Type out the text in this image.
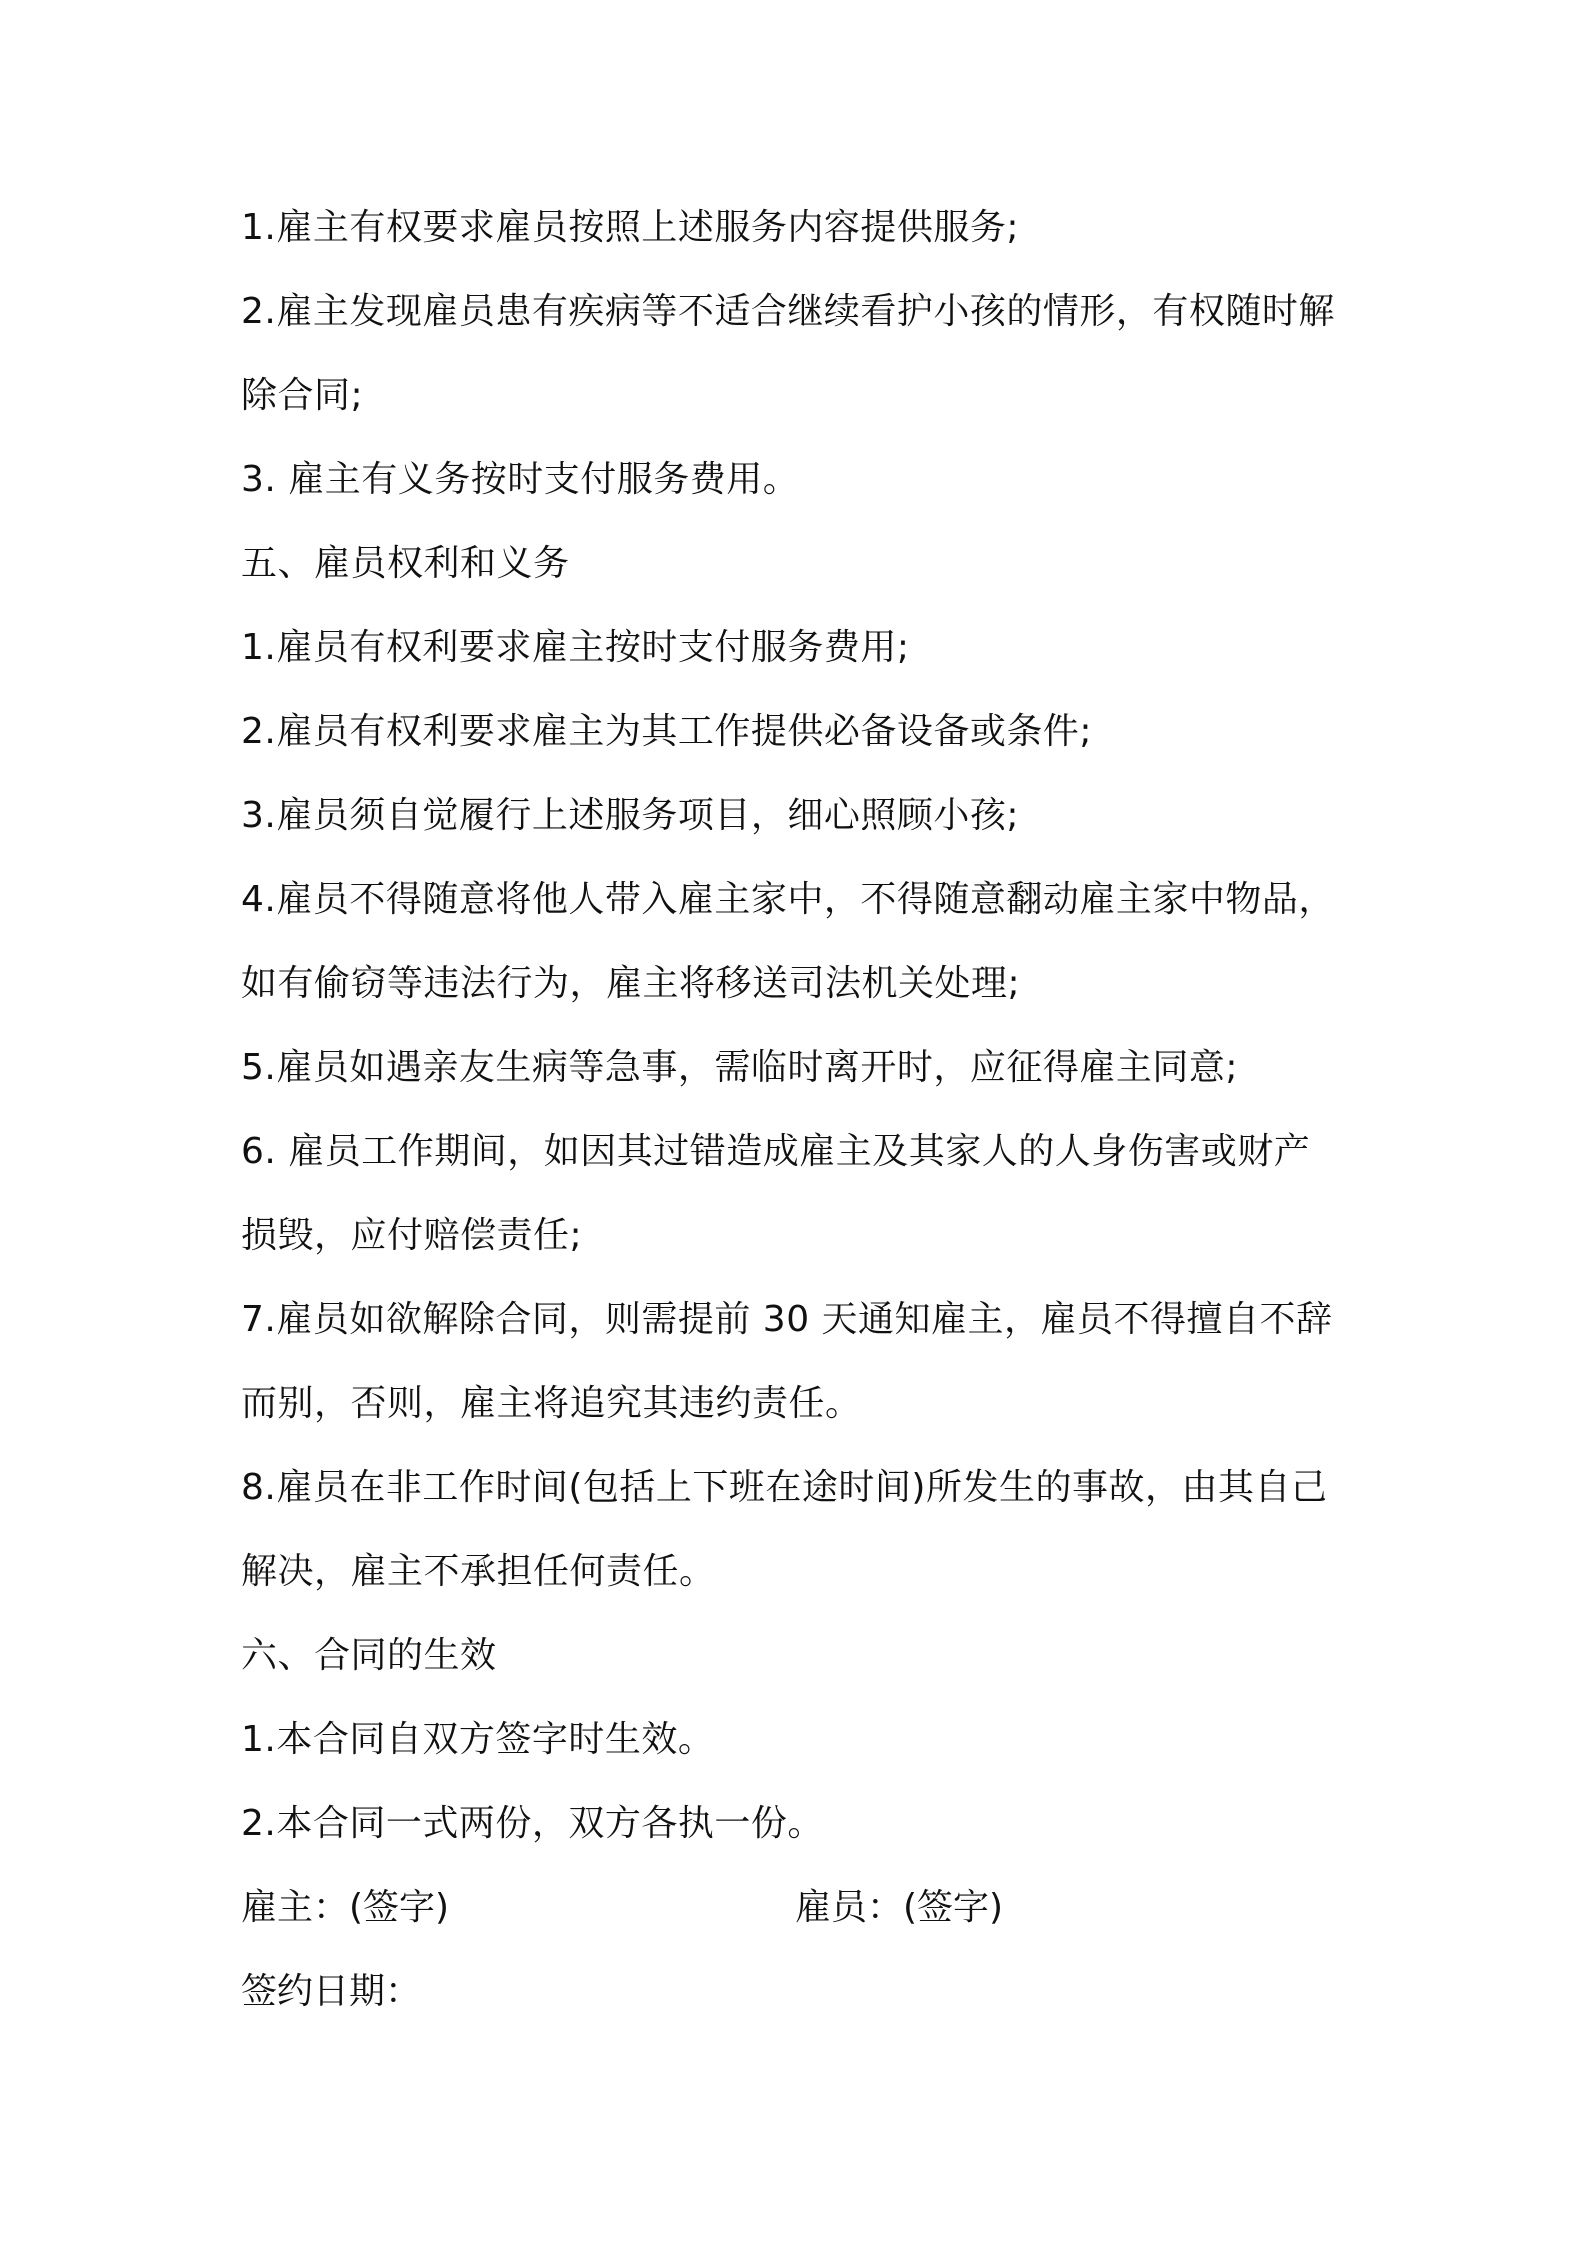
1.雇主有权要求雇员按照上述服务内容提供服务;
2.雇主发现雇员患有疾病等不适合继续看护小孩的情形，有权随时解
除合同;
3. 雇主有义务按时支付服务费用。
五、雇员权利和义务
1.雇员有权利要求雇主按时支付服务费用;
2.雇员有权利要求雇主为其工作提供必备设备或条件;
3.雇员须自觉履行上述服务项目，细心照顾小孩;
4.雇员不得随意将他人带入雇主家中，不得随意翻动雇主家中物品，
如有偷窃等违法行为，雇主将移送司法机关处理;
5.雇员如遇亲友生病等急事，需临时离开时，应征得雇主同意;
6. 雇员工作期间，如因其过错造成雇主及其家人的人身伤害或财产
损毁，应付赔偿责任;
7.雇员如欲解除合同，则需提前 30 天通知雇主，雇员不得擅自不辞
而别，否则，雇主将追究其违约责任。
8.雇员在非工作时间(包括上下班在途时间)所发生的事故，由其自己
解决，雇主不承担任何责任。
六、合同的生效
1.本合同自双方签字时生效。
2.本合同一式两份，双方各执一份。
雇主：(签字)	雇员：(签字)
签约日期：
